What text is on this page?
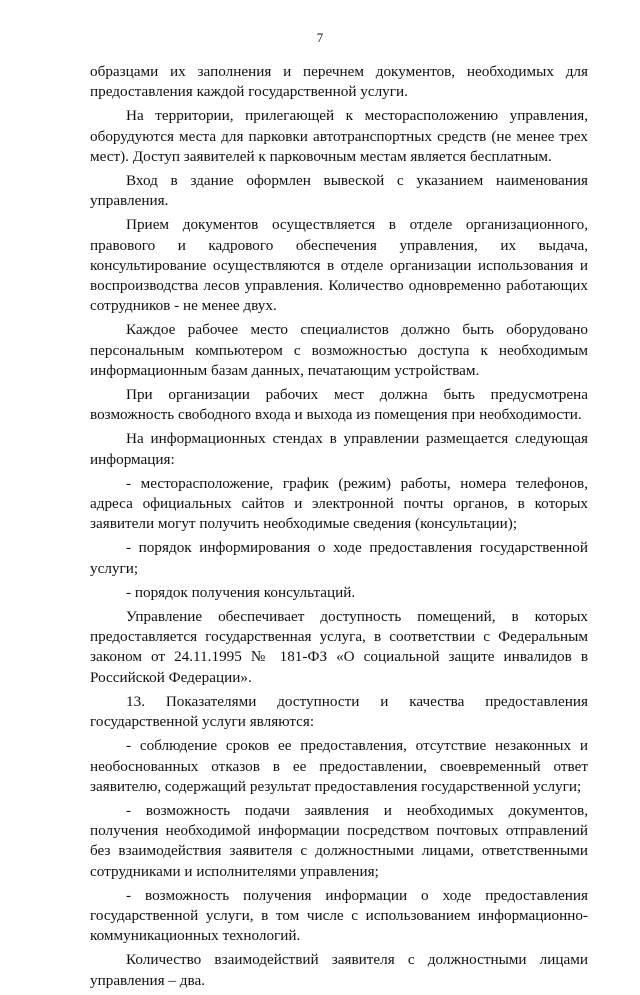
7

образцами их заполнения и перечнем документов, необходимых для предоставления каждой государственной услуги.

На территории, прилегающей к месторасположению управления, оборудуются места для парковки автотранспортных средств (не менее трех мест). Доступ заявителей к парковочным местам является бесплатным.

Вход в здание оформлен вывеской с указанием наименования управления.

Прием документов осуществляется в отделе организационного, правового и кадрового обеспечения управления, их выдача, консультирование осуществляются в отделе организации использования и воспроизводства лесов управления. Количество одновременно работающих сотрудников - не менее двух.

Каждое рабочее место специалистов должно быть оборудовано персональным компьютером с возможностью доступа к необходимым информационным базам данных, печатающим устройствам.

При организации рабочих мест должна быть предусмотрена возможность свободного входа и выхода из помещения при необходимости.

На информационных стендах в управлении размещается следующая информация:

- месторасположение, график (режим) работы, номера телефонов, адреса официальных сайтов и электронной почты органов, в которых заявители могут получить необходимые сведения (консультации);

- порядок информирования о ходе предоставления государственной услуги;

- порядок получения консультаций.

Управление обеспечивает доступность помещений, в которых предоставляется государственная услуга, в соответствии с Федеральным законом от 24.11.1995 № 181-ФЗ «О социальной защите инвалидов в Российской Федерации».

13. Показателями доступности и качества предоставления государственной услуги являются:

- соблюдение сроков ее предоставления, отсутствие незаконных и необоснованных отказов в ее предоставлении, своевременный ответ заявителю, содержащий результат предоставления государственной услуги;

- возможность подачи заявления и необходимых документов, получения необходимой информации посредством почтовых отправлений без взаимодействия заявителя с должностными лицами, ответственными сотрудниками и исполнителями управления;

- возможность получения информации о ходе предоставления государственной услуги, в том числе с использованием информационно-коммуникационных технологий.

Количество взаимодействий заявителя с должностными лицами управления – два.
